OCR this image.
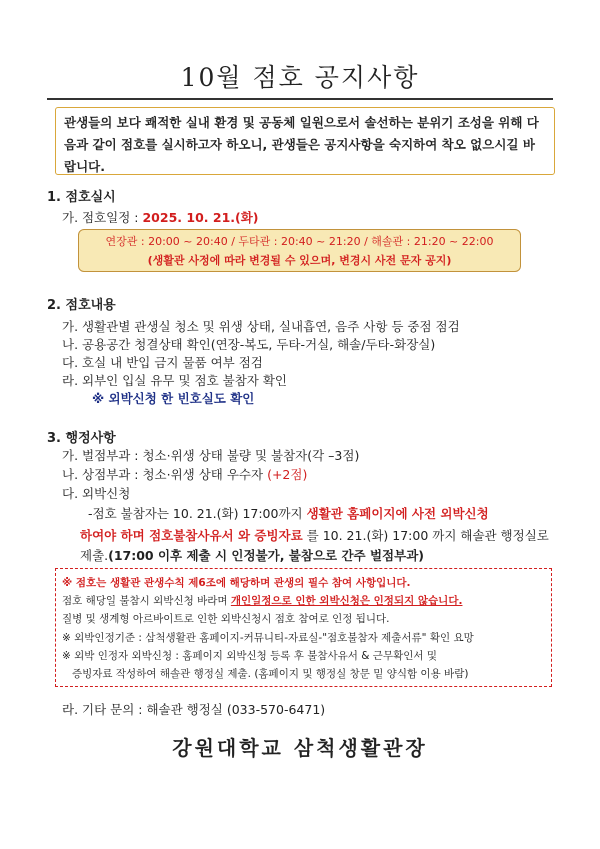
10월 점호 공지사항
관생들의 보다 쾌적한 실내 환경 및 공동체 일원으로서 솔선하는 분위기 조성을 위해 다음과 같이 점호를 실시하고자 하오니, 관생들은 공지사항을 숙지하여 착오 없으시길 바랍니다.
1. 점호실시
가. 점호일정 : 2025. 10. 21.(화)
연장관 : 20:00 ~ 20:40 / 두타관 : 20:40 ~ 21:20 / 해솔관 : 21:20 ~ 22:00
(생활관 사정에 따라 변경될 수 있으며, 변경시 사전 문자 공지)
2. 점호내용
가. 생활관별 관생실 청소 및 위생 상태, 실내흡연, 음주 사항 등 중점 점검
나. 공용공간 청결상태 확인(연장-복도, 두타-거실, 해솔/두타-화장실)
다. 호실 내 반입 금지 물품 여부 점검
라. 외부인 입실 유무 및 점호 불참자 확인
※ 외박신청 한 빈호실도 확인
3. 행정사항
가. 벌점부과 : 청소·위생 상태 불량 및 불참자(각 –3점)
나. 상점부과 : 청소·위생 상태 우수자 (+2점)
다. 외박신청
-점호 불참자는 10. 21.(화) 17:00까지 생활관 홈페이지에 사전 외박신청
하여야 하며 점호불참사유서 와 증빙자료 를 10. 21.(화) 17:00 까지 해솔관 행정실로
제출.(17:00 이후 제출 시 인정불가, 불참으로 간주 벌점부과)
※ 점호는 생활관 관생수칙 제6조에 해당하며 관생의 필수 참여 사항입니다.
점호 해당일 불참시 외박신청 바라며 개인일정으로 인한 외박신청은 인정되지 않습니다.
질병 및 생계형 아르바이트로 인한 외박신청시 점호 참여로 인정 됩니다.
※ 외박인정기준 : 삼척생활관 홈페이지-커뮤니티-자료실-"점호불참자 제출서류" 확인 요망
※ 외박 인정자 외박신청 : 홈페이지 외박신청 등록 후 불참사유서 & 근무확인서 및
증빙자료 작성하여 해솔관 행정실 제출. (홈페이지 및 행정실 창문 밑 양식함 이용 바람)
라. 기타 문의 : 해솔관 행정실 (033-570-6471)
강원대학교 삼척생활관장
